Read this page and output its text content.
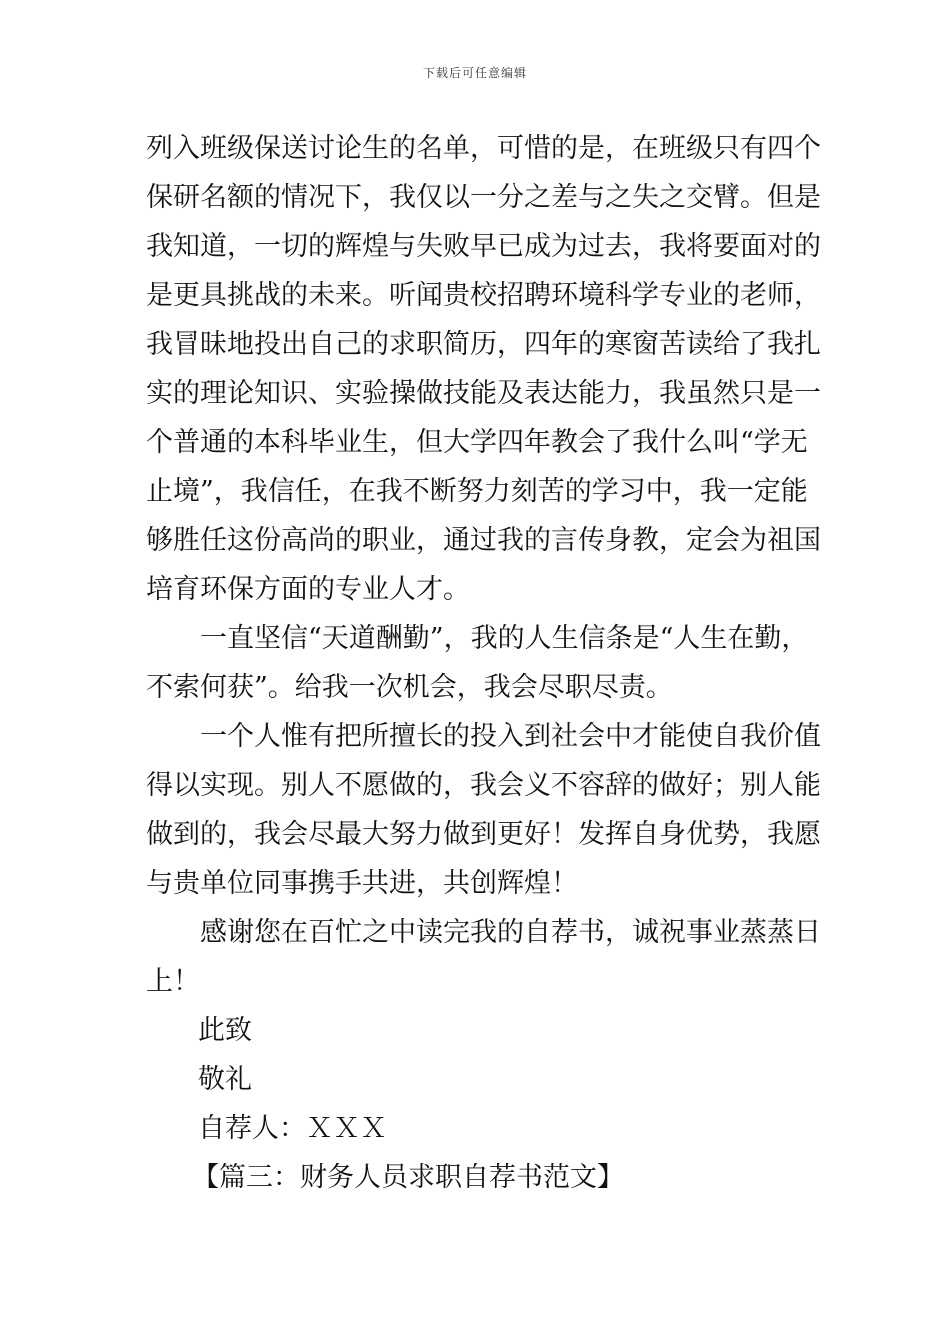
下载后可任意编辑
列入班级保送讨论生的名单，可惜的是，在班级只有四个
保研名额的情况下，我仅以一分之差与之失之交臂。但是
我知道，一切的辉煌与失败早已成为过去，我将要面对的
是更具挑战的未来。听闻贵校招聘环境科学专业的老师，
我冒昧地投出自己的求职简历，四年的寒窗苦读给了我扎
实的理论知识、实验操做技能及表达能力，我虽然只是一
个普通的本科毕业生，但大学四年教会了我什么叫“学无
止境”，我信任，在我不断努力刻苦的学习中，我一定能
够胜任这份高尚的职业，通过我的言传身教，定会为祖国
培育环保方面的专业人才。
一直坚信“天道酬勤”，我的人生信条是“人生在勤，
不索何获”。给我一次机会，我会尽职尽责。
一个人惟有把所擅长的投入到社会中才能使自我价值
得以实现。别人不愿做的，我会义不容辞的做好；别人能
做到的，我会尽最大努力做到更好！发挥自身优势，我愿
与贵单位同事携手共进，共创辉煌！
感谢您在百忙之中读完我的自荐书，诚祝事业蒸蒸日
上！
此致
敬礼
自荐人：ＸＸＸ
【篇三：财务人员求职自荐书范文】
